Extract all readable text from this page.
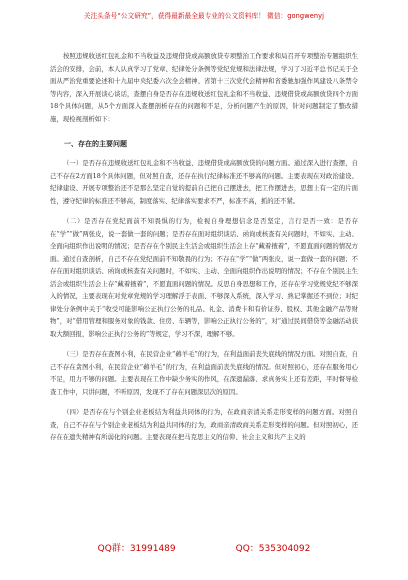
关注头条号“公文研究”，获得最新最全最专业的公文资料库！ 微信：gongwenyj

按照违规收送红包礼金和不当收益及违规借贷或高额放贷专项整治工作要求和局召开专项整治专题组织生活会的安排，会前，本人认真学习了党章、纪律处分条例等党纪党规和法律法规，学习了习近平总书记关于全面从严治党重要论述和十九届中央纪委六次全会精神、省第十三次党代会精神和省委驰加强作风建设八条禁令等内容，深入开展谈心谈话，查摆自身是否存在违规收送红包礼金和不当收益、违规借贷或高额放贷四个方面18个具体问题，从5个方面深入查摆剖析存在的问题和不足，分析问题产生的原因，针对问题制定了整改措施，现检视剖析如下：

一、存在的主要问题

（一）是否存在违规收送红包礼金和不当收益、违规借贷或高额放贷的问题方面。通过深入进行查摆，自己不存在2方面18个具体问题，但对照自查，还存在执行纪律标准还不够高的问题。主要表现在对政治建设、纪律建设、开展专项整治还不是那么坚定自觉的提前自己把自己摆进去，把工作摆进去，思想上有一定的片面性，遵守纪律的标准还不够高，制度落实、纪律落实要求不严，标准不高，抓的还不紧。

（二）是否存在党纪面前不知畏惧的行为，检视自身理想信念是否坚定，言行是否一致：是否存在“学”“做”两张皮，说一套做一套的问题；是否存在面对组织谈话、函询或核查有关问题时，不如实、主动、全面向组织作出说明的情况；是否存在个别民主生活会或组织生活会上存“藏着掖着”，不愿直面问题的情况方面。通过自查剖析，自己不存在党纪面前不知敬畏的行为；不存在“学”“做”两张皮，说一套做一套的问题；不存在面对组织谈话、函询或核查有关问题时，不如实、主动、全面向组织作出说明的情况；不存在个别民主生活会或组织生活会上存“藏着掖着”，不愿直面问题的情况。反思自身思想和工作，还存在学习党规党纪不够深入的情况，主要表现在对党章党规的学习理解浮于表面、不够深入系统，深入学习、熟记掌握还不到位；对纪律处分条例中关于“收受可能影响公正执行公务的礼品、礼金、消费卡和有价证券、股权、其他金融产品等财物”，对“借用管理和服务对象的钱款、住房、车辆等，影响公正执行公务的”，对“通过民间借贷等金融活动获取大额回报，影响公正执行公务的”等规定，学习不深，理解不够。

（三）是否存在查图小利，在民营企业“薅羊毛”的行为，在利益面前丧失底线的情况方面。对照自查，自己不存在贪图小利，在民营企业“薅羊毛”的行为，在利益面前丧失底线的情况。但对照初心，还存在服务用心不足，用力不够的问题。主要表现在工作中缺少务实的作风，在深遗漏落、求真务实上还有差距，平时督导检查工作中，只讲问题，不听原因，发现不了存在问题深层次的原因。

（四）是否存在与个别企业老板结为利益共同体的行为，在政商亲清关系走形变样的问题方面。对照自查，自己不存在与个别企业老板结为利益共同体的行为，政商亲清政商关系走形变样的问题。但对照初心，还存在在遗失精神有所弱化的问题。主要表现在把马克思主义的信仰、社会主义和共产主义的

QQ群：31991489	QQ：535304092
